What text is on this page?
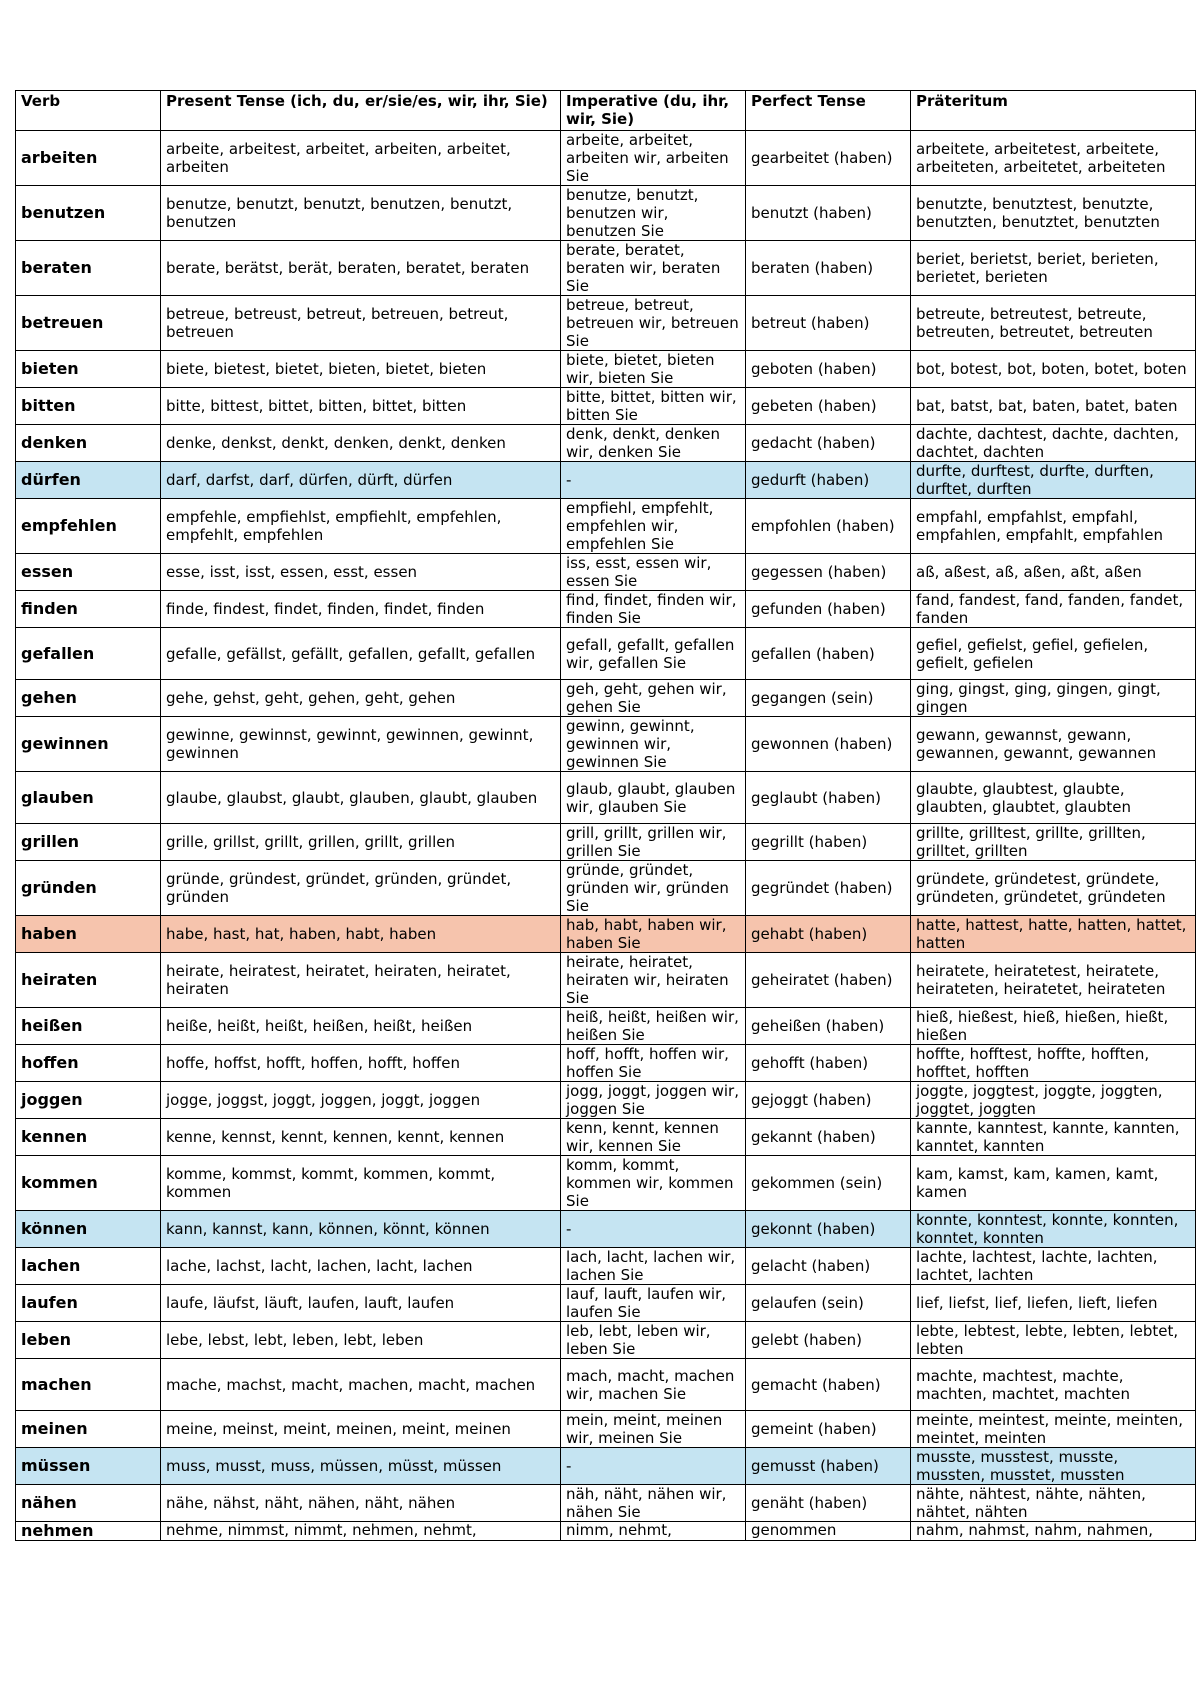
Verb	Present Tense (ich, du, er/sie/es, wir, ihr, Sie)	Imperative (du, ihr, wir, Sie)	Perfect Tense	Präteritum
arbeiten	arbeite, arbeitest, arbeitet, arbeiten, arbeitet, arbeiten	arbeite, arbeitet, arbeiten wir, arbeiten Sie	gearbeitet (haben)	arbeitete, arbeitetest, arbeitete, arbeiteten, arbeitetet, arbeiteten
benutzen	benutze, benutzt, benutzt, benutzen, benutzt, benutzen	benutze, benutzt, benutzen wir, benutzen Sie	benutzt (haben)	benutzte, benutztest, benutzte, benutzten, benutztet, benutzten
beraten	berate, berätst, berät, beraten, beratet, beraten	berate, beratet, beraten wir, beraten Sie	beraten (haben)	beriet, berietst, beriet, berieten, berietet, berieten
betreuen	betreue, betreust, betreut, betreuen, betreut, betreuen	betreue, betreut, betreuen wir, betreuen Sie	betreut (haben)	betreute, betreutest, betreute, betreuten, betreutet, betreuten
bieten	biete, bietest, bietet, bieten, bietet, bieten	biete, bietet, bieten wir, bieten Sie	geboten (haben)	bot, botest, bot, boten, botet, boten
bitten	bitte, bittest, bittet, bitten, bittet, bitten	bitte, bittet, bitten wir, bitten Sie	gebeten (haben)	bat, batst, bat, baten, batet, baten
denken	denke, denkst, denkt, denken, denkt, denken	denk, denkt, denken wir, denken Sie	gedacht (haben)	dachte, dachtest, dachte, dachten, dachtet, dachten
dürfen	darf, darfst, darf, dürfen, dürft, dürfen	-	gedurft (haben)	durfte, durftest, durfte, durften, durftet, durften
empfehlen	empfehle, empfiehlst, empfiehlt, empfehlen, empfehlt, empfehlen	empfiehl, empfehlt, empfehlen wir, empfehlen Sie	empfohlen (haben)	empfahl, empfahlst, empfahl, empfahlen, empfahlt, empfahlen
essen	esse, isst, isst, essen, esst, essen	iss, esst, essen wir, essen Sie	gegessen (haben)	aß, aßest, aß, aßen, aßt, aßen
finden	finde, findest, findet, finden, findet, finden	find, findet, finden wir, finden Sie	gefunden (haben)	fand, fandest, fand, fanden, fandet, fanden
gefallen	gefalle, gefällst, gefällt, gefallen, gefallt, gefallen	gefall, gefallt, gefallen wir, gefallen Sie	gefallen (haben)	gefiel, gefielst, gefiel, gefielen, gefielt, gefielen
gehen	gehe, gehst, geht, gehen, geht, gehen	geh, geht, gehen wir, gehen Sie	gegangen (sein)	ging, gingst, ging, gingen, gingt, gingen
gewinnen	gewinne, gewinnst, gewinnt, gewinnen, gewinnt, gewinnen	gewinn, gewinnt, gewinnen wir, gewinnen Sie	gewonnen (haben)	gewann, gewannst, gewann, gewannen, gewannt, gewannen
glauben	glaube, glaubst, glaubt, glauben, glaubt, glauben	glaub, glaubt, glauben wir, glauben Sie	geglaubt (haben)	glaubte, glaubtest, glaubte, glaubten, glaubtet, glaubten
grillen	grille, grillst, grillt, grillen, grillt, grillen	grill, grillt, grillen wir, grillen Sie	gegrillt (haben)	grillte, grilltest, grillte, grillten, grilltet, grillten
gründen	gründe, gründest, gründet, gründen, gründet, gründen	gründe, gründet, gründen wir, gründen Sie	gegründet (haben)	gründete, gründetest, gründete, gründeten, gründetet, gründeten
haben	habe, hast, hat, haben, habt, haben	hab, habt, haben wir, haben Sie	gehabt (haben)	hatte, hattest, hatte, hatten, hattet, hatten
heiraten	heirate, heiratest, heiratet, heiraten, heiratet, heiraten	heirate, heiratet, heiraten wir, heiraten Sie	geheiratet (haben)	heiratete, heiratetest, heiratete, heirateten, heiratetet, heirateten
heißen	heiße, heißt, heißt, heißen, heißt, heißen	heiß, heißt, heißen wir, heißen Sie	geheißen (haben)	hieß, hießest, hieß, hießen, hießt, hießen
hoffen	hoffe, hoffst, hofft, hoffen, hofft, hoffen	hoff, hofft, hoffen wir, hoffen Sie	gehofft (haben)	hoffte, hofftest, hoffte, hofften, hofftet, hofften
joggen	jogge, joggst, joggt, joggen, joggt, joggen	jogg, joggt, joggen wir, joggen Sie	gejoggt (haben)	joggte, joggtest, joggte, joggten, joggtet, joggten
kennen	kenne, kennst, kennt, kennen, kennt, kennen	kenn, kennt, kennen wir, kennen Sie	gekannt (haben)	kannte, kanntest, kannte, kannten, kanntet, kannten
kommen	komme, kommst, kommt, kommen, kommt, kommen	komm, kommt, kommen wir, kommen Sie	gekommen (sein)	kam, kamst, kam, kamen, kamt, kamen
können	kann, kannst, kann, können, könnt, können	-	gekonnt (haben)	konnte, konntest, konnte, konnten, konntet, konnten
lachen	lache, lachst, lacht, lachen, lacht, lachen	lach, lacht, lachen wir, lachen Sie	gelacht (haben)	lachte, lachtest, lachte, lachten, lachtet, lachten
laufen	laufe, läufst, läuft, laufen, lauft, laufen	lauf, lauft, laufen wir, laufen Sie	gelaufen (sein)	lief, liefst, lief, liefen, lieft, liefen
leben	lebe, lebst, lebt, leben, lebt, leben	leb, lebt, leben wir, leben Sie	gelebt (haben)	lebte, lebtest, lebte, lebten, lebtet, lebten
machen	mache, machst, macht, machen, macht, machen	mach, macht, machen wir, machen Sie	gemacht (haben)	machte, machtest, machte, machten, machtet, machten
meinen	meine, meinst, meint, meinen, meint, meinen	mein, meint, meinen wir, meinen Sie	gemeint (haben)	meinte, meintest, meinte, meinten, meintet, meinten
müssen	muss, musst, muss, müssen, müsst, müssen	-	gemusst (haben)	musste, musstest, musste, mussten, musstet, mussten
nähen	nähe, nähst, näht, nähen, näht, nähen	näh, näht, nähen wir, nähen Sie	genäht (haben)	nähte, nähtest, nähte, nähten, nähtet, nähten
nehmen	nehme, nimmst, nimmt, nehmen, nehmt,	nimm, nehmt,	genommen	nahm, nahmst, nahm, nahmen,
